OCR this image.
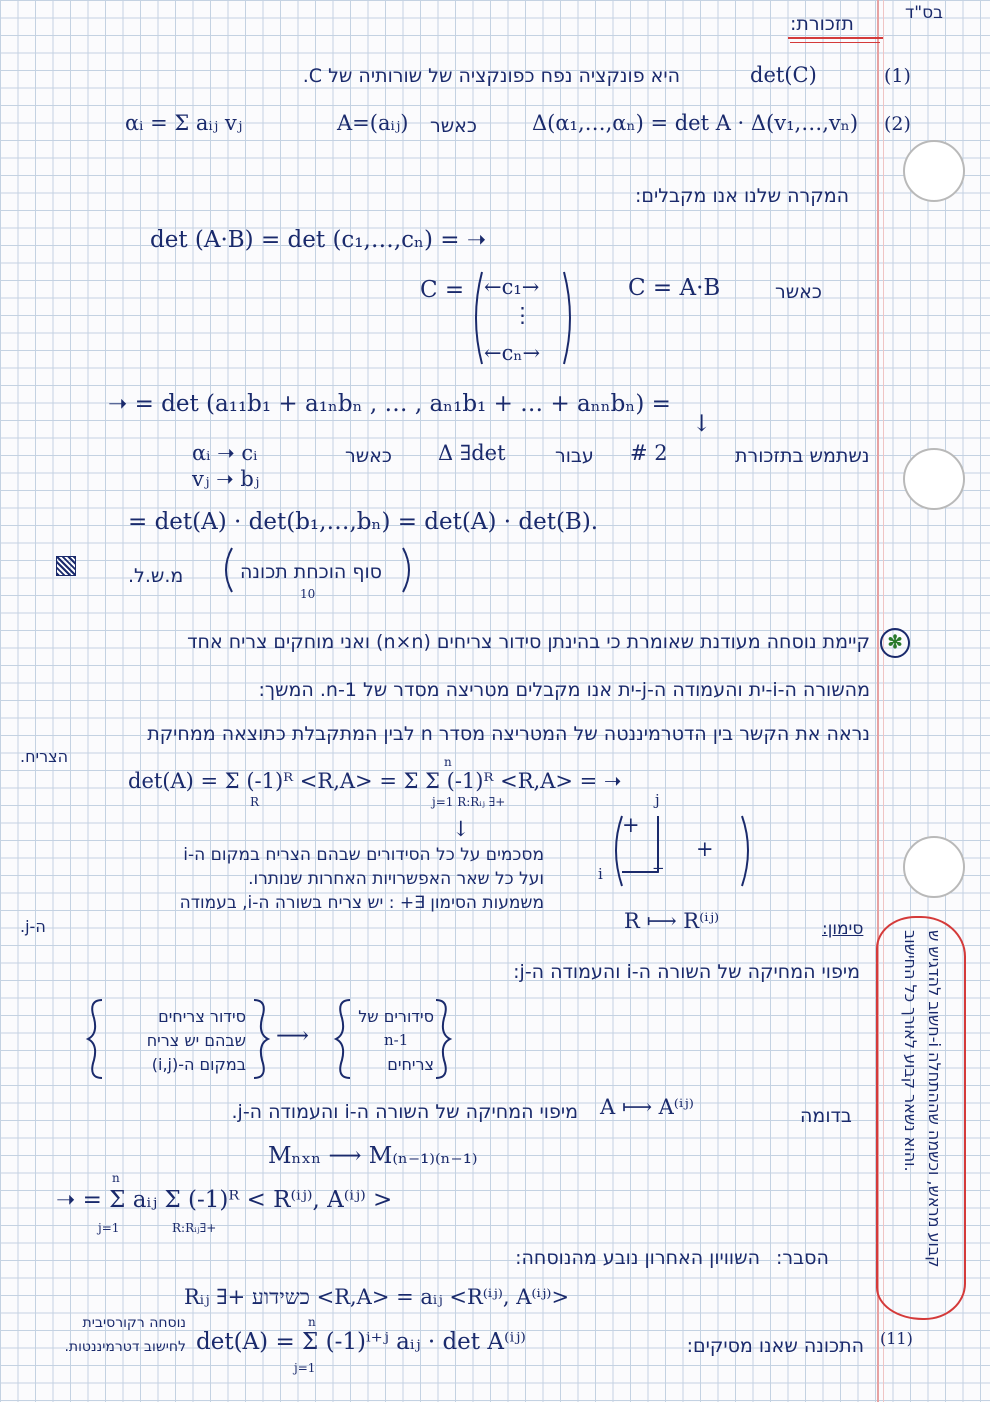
בס"ד
תזכורת:
(1)
det(C)
היא פונקציה נפח כפונקציה של שורותיה של C.
(2)
Δ(α₁,…,αₙ) = det A · Δ(v₁,…,vₙ)
כאשר
A=(aᵢⱼ)
αᵢ = Σ aᵢⱼ vⱼ
המקרה שלנו אנו מקבלים:
det (A·B) = det (c₁,…,cₙ) = ➝
C = ←c₁→
⋮
←cₙ→
C = A·B	כאשר
➝ = det (a₁₁b₁ + a₁ₙbₙ , … , aₙ₁b₁ + … + aₙₙbₙ) =
↓
נשתמש בתזכורת
# 2
עבור
Δ ∃det
כאשר
αᵢ ➝ cᵢ
vⱼ ➝ bⱼ
= det(A) · det(b₁,…,bₙ) = det(A) · det(B).
מ.ש.ל.	סוף הוכחת תכונה
10
✻
קיימת נוסחה מעודנת שאומרת כי בהינתן סידור צריחים (n×n) ואני מוחקים צריח אחד
מהשורה ה-i-ית והעמודה ה-j-ית אנו מקבלים מטריצה מסדר של n-1. המשך:
נראה את הקשר בין הדטרמיננטה של המטריצה מסדר n לבין המתקבלת כתוצאה ממחיקת
הצריח.
det(A) = Σ (-1)ᴿ <R,A> = Σ Σ (-1)ᴿ <R,A> = ➝
R	j=1 R:Rᵢⱼ ∃+
n
↓	+
+
+
i
j
מסכמים על כל הסידורים שבהם הצריח במקום ה-i
ועל כל שאר האפשרויות האחרות שנותרו.
משמעות הסימון ∃+ : יש צריח בשורה ה-i, בעמודה
ה-j.	R ⟼ R⁽ⁱʲ⁾	סימון:
מיפוי המחיקה של השורה ה-i והעמודה ה-j:
סידור צריחים
שבהם יש צריח
במקום ה-(i,j)
⟶
סידורים של
n-1
צריחים
בדומה
A ⟼ A⁽ⁱʲ⁾
מיפוי המחיקה של השורה ה-i והעמודה ה-j.
Mₙₓₙ ⟶ M₍ₙ₋₁₎₍ₙ₋₁₎
➝ = Σ aᵢⱼ Σ (-1)ᴿ < R⁽ⁱʲ⁾, A⁽ⁱʲ⁾ >
j=1	R:Rᵢⱼ∃+
n
הסבר:
השוויון האחרון נובע מהנוסחה:
Rᵢⱼ ∃+ כשידוע <R,A> = aᵢⱼ <R⁽ⁱʲ⁾, A⁽ⁱʲ⁾>
נוסחה רקורסיבית
לחישוב דטרמיננטות. det(A) = Σ (-1)ⁱ⁺ʲ aᵢⱼ · det A⁽ⁱʲ⁾
j=1
n
התכונה שאנו מסיקים: (11)
חשוב להדגיש ש-i קבוע מראש, וכשמה שההתחלה והוא נשאר קבוע לאורך כל החישוב.
